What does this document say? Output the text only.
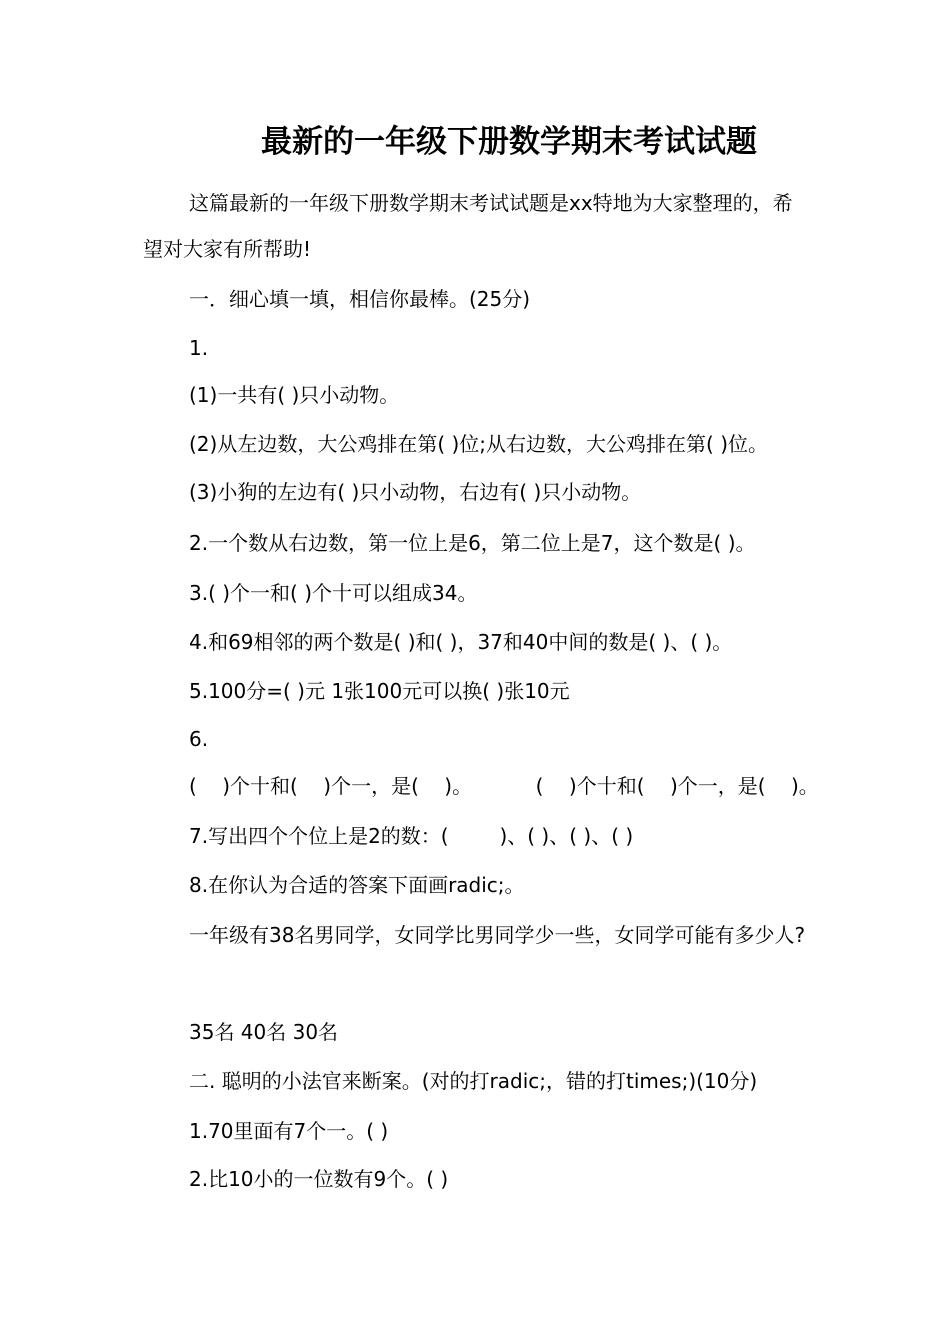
最新的一年级下册数学期末考试试题

这篇最新的一年级下册数学期末考试试题是xx特地为大家整理的，希望对大家有所帮助!

一．细心填一填，相信你最棒。(25分)
1.
(1)一共有( )只小动物。
(2)从左边数，大公鸡排在第( )位;从右边数，大公鸡排在第( )位。
(3)小狗的左边有( )只小动物，右边有( )只小动物。
2.一个数从右边数，第一位上是6，第二位上是7，这个数是( )。
3.( )个一和( )个十可以组成34。
4.和69相邻的两个数是( )和( )，37和40中间的数是( )、( )。
5.100分=( )元 1张100元可以换( )张10元
6.
(    )个十和(    )个一，是(    )。          (    )个十和(    )个一，是(    )。
7.写出四个个位上是2的数：(        )、( )、( )、( )
8.在你认为合适的答案下面画radic;。

一年级有38名男同学，女同学比男同学少一些，女同学可能有多少人?

35名 40名 30名
二. 聪明的小法官来断案。(对的打radic;，错的打times;)(10分)
1.70里面有7个一。( )
2.比10小的一位数有9个。( )
